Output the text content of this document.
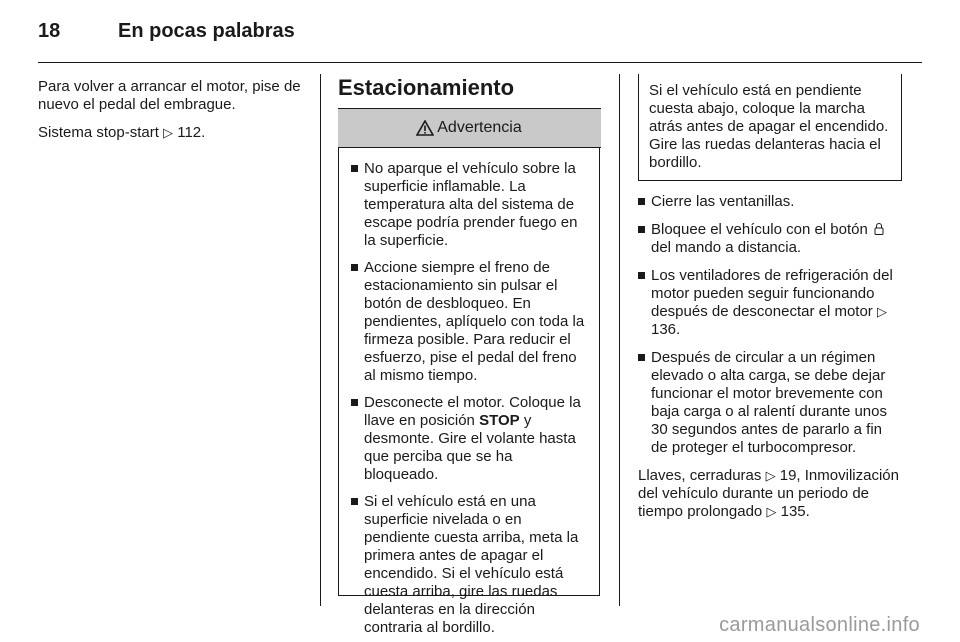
18	En pocas palabras

Para volver a arrancar el motor, pise de nuevo el pedal del embrague.

Sistema stop-start ▷ 112.

Estacionamiento
Advertencia
No aparque el vehículo sobre la superficie inflamable. La temperatura alta del sistema de escape podría prender fuego en la superficie.
Accione siempre el freno de estacionamiento sin pulsar el botón de desbloqueo. En pendientes, aplíquelo con toda la firmeza posible. Para reducir el esfuerzo, pise el pedal del freno al mismo tiempo.
Desconecte el motor. Coloque la llave en posición STOP y desmonte. Gire el volante hasta que perciba que se ha bloqueado.
Si el vehículo está en una superficie nivelada o en pendiente cuesta arriba, meta la primera antes de apagar el encendido. Si el vehículo está cuesta arriba, gire las ruedas delanteras en la dirección contraria al bordillo.
Si el vehículo está en pendiente cuesta abajo, coloque la marcha atrás antes de apagar el encendido. Gire las ruedas delanteras hacia el bordillo.
Cierre las ventanillas.
Bloquee el vehículo con el botón  del mando a distancia.
Los ventiladores de refrigeración del motor pueden seguir funcionando después de desconectar el motor ▷ 136.
Después de circular a un régimen elevado o alta carga, se debe dejar funcionar el motor brevemente con baja carga o al ralentí durante unos 30 segundos antes de pararlo a fin de proteger el turbocompresor.

Llaves, cerraduras ▷ 19, Inmovilización del vehículo durante un periodo de tiempo prolongado ▷ 135.

carmanualsonline.info
